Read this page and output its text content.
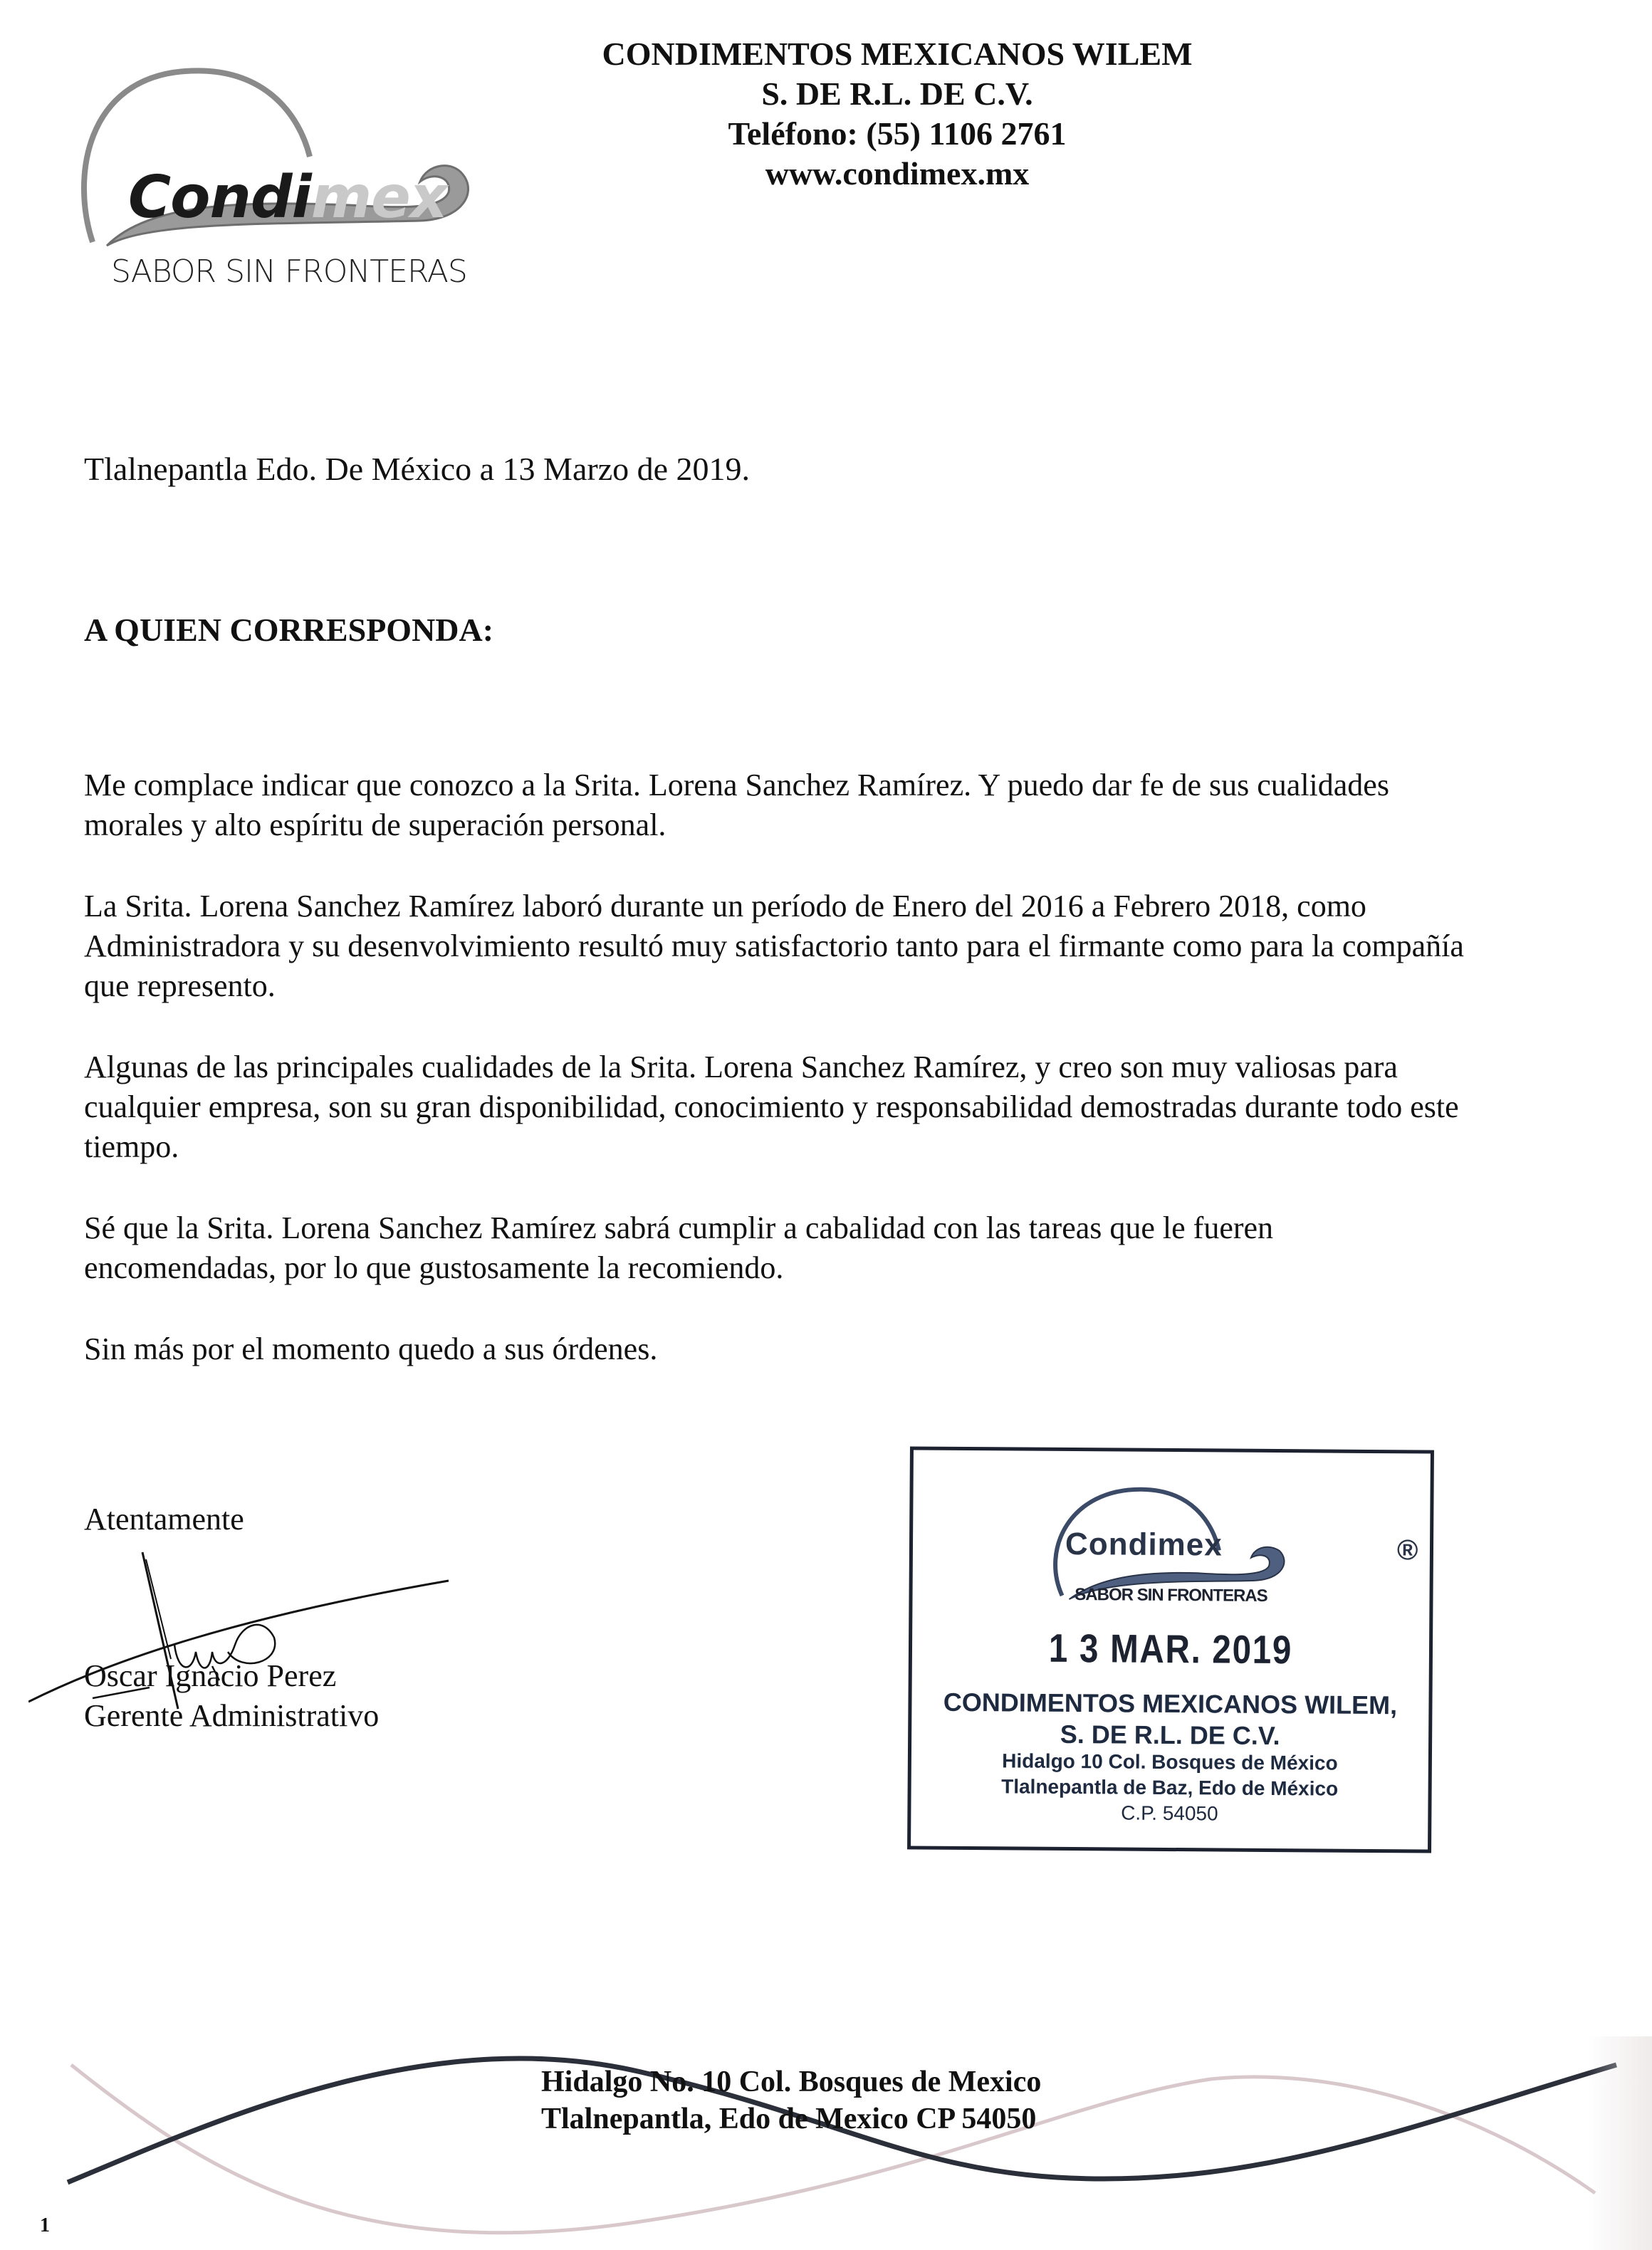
Condimex
SABOR SIN FRONTERAS
CONDIMENTOS MEXICANOS WILEM
S. DE R.L. DE C.V.
Teléfono: (55) 1106 2761
www.condimex.mx
Tlalnepantla Edo. De México a 13 Marzo de 2019.
A QUIEN CORRESPONDA:

Me complace indicar que conozco a la Srita. Lorena Sanchez Ramírez. Y puedo dar fe de sus cualidades morales y alto espíritu de superación personal.

La Srita. Lorena Sanchez Ramírez laboró durante un período de Enero del 2016 a Febrero 2018, como Administradora y su desenvolvimiento resultó muy satisfactorio tanto para el firmante como para la compañía que represento.

Algunas de las principales cualidades de la Srita. Lorena Sanchez Ramírez, y creo son muy valiosas para cualquier empresa, son su gran disponibilidad, conocimiento y responsabilidad demostradas durante todo este tiempo.

Sé que la Srita. Lorena Sanchez Ramírez sabrá cumplir a cabalidad con las tareas que le fueren encomendadas, por lo que gustosamente la recomiendo.

Sin más por el momento quedo a sus órdenes.

Atentamente
Oscar Ignacio Perez
Gerente Administrativo
Condimex	®
SABOR SIN FRONTERAS
1 3 MAR. 2019
CONDIMENTOS MEXICANOS WILEM,
S. DE R.L. DE C.V.
Hidalgo 10 Col. Bosques de México
Tlalnepantla de Baz, Edo de México
C.P. 54050
Hidalgo No. 10 Col. Bosques de Mexico
Tlalnepantla, Edo de Mexico CP 54050
1
